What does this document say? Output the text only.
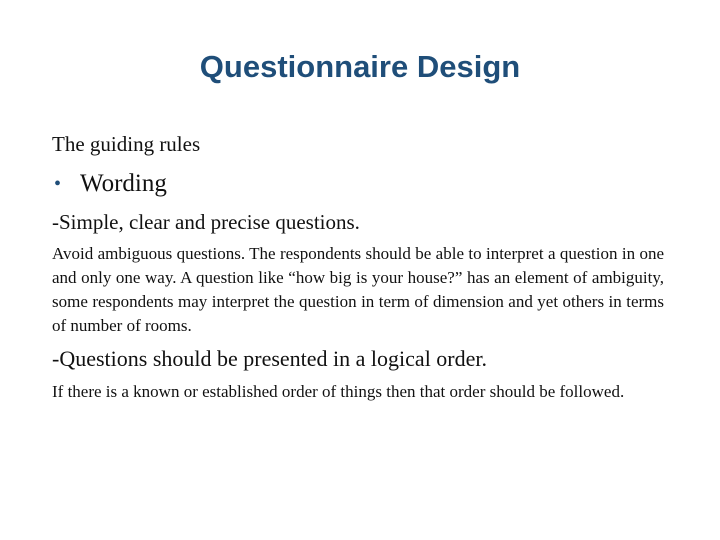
Questionnaire Design

The guiding rules

• Wording

-Simple, clear and precise questions.

Avoid ambiguous questions. The respondents should be able to interpret a question in one and only one way. A question like “how big is your house?” has an element of ambiguity, some respondents may interpret the question in term of dimension and yet others in terms of number of rooms.

-Questions should be presented in a logical order.

If there is a known or established order of things then that order should be followed.
